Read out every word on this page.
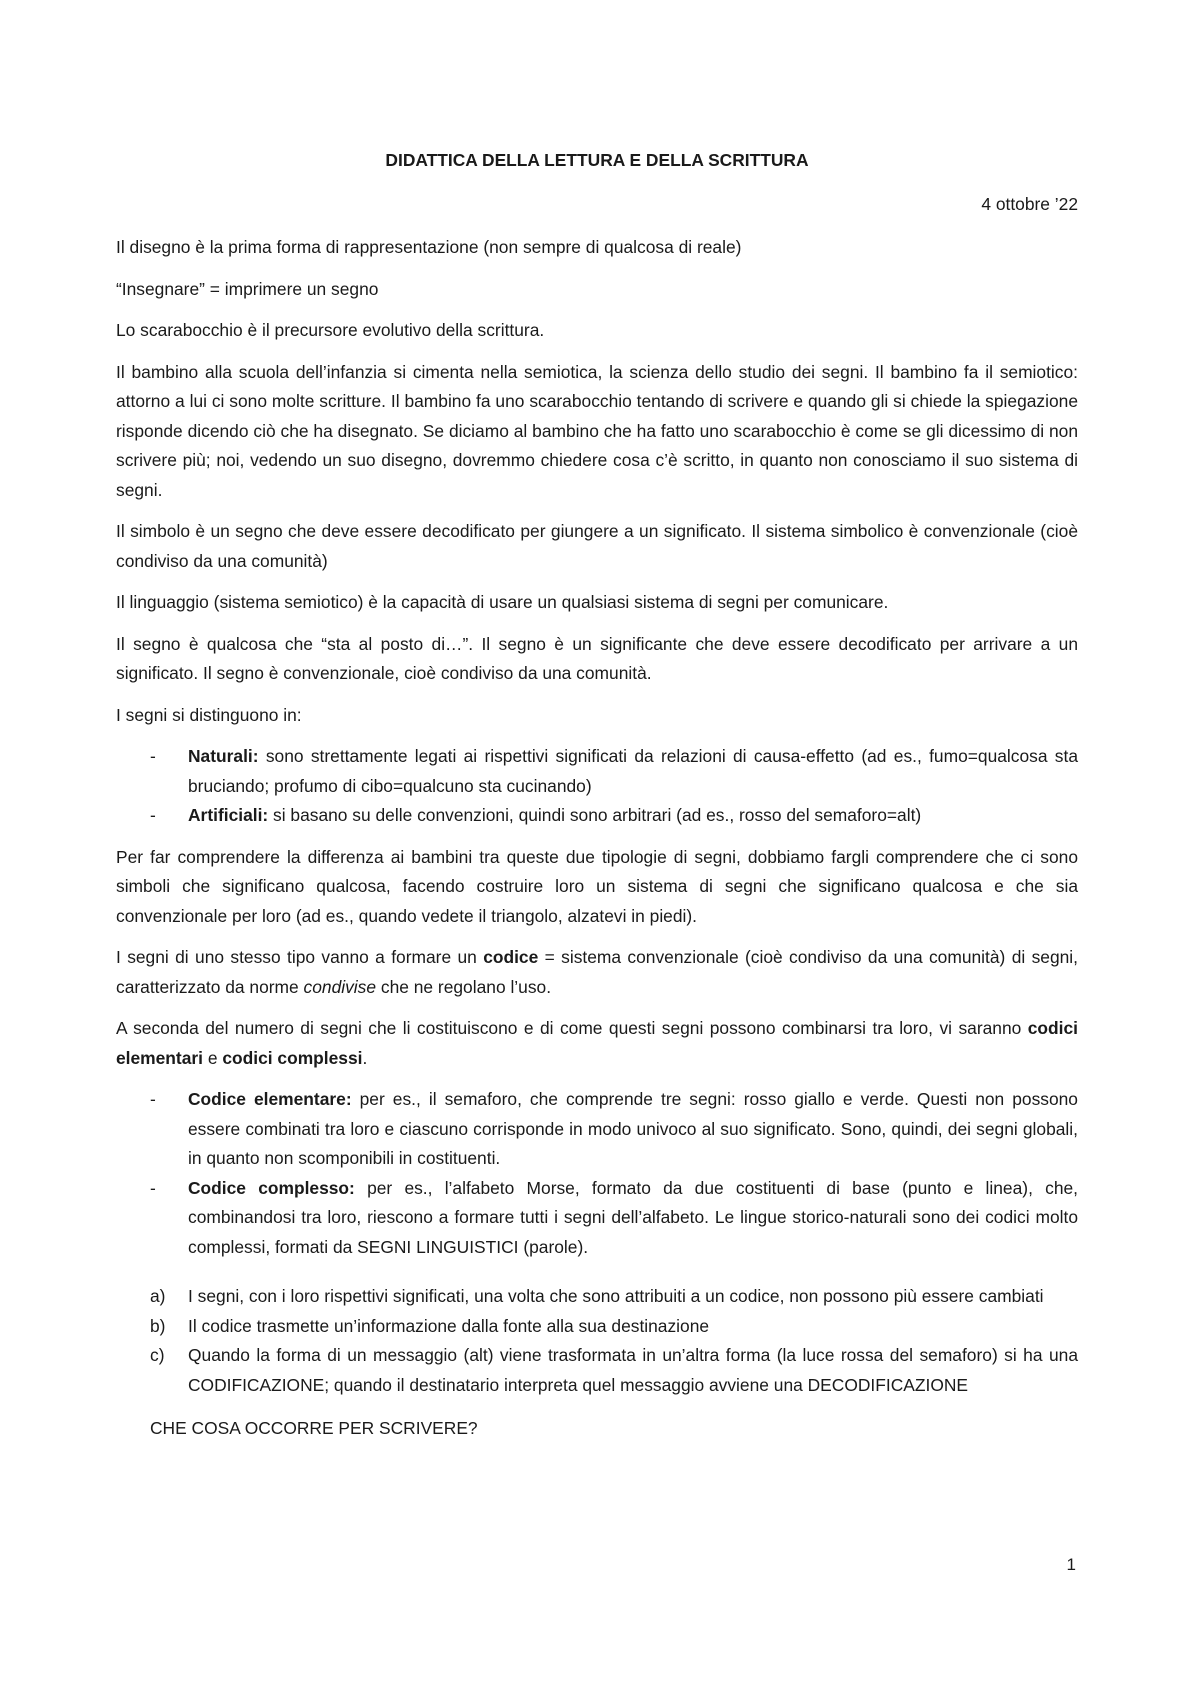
DIDATTICA DELLA LETTURA E DELLA SCRITTURA
4 ottobre ’22

Il disegno è la prima forma di rappresentazione (non sempre di qualcosa di reale)

“Insegnare” = imprimere un segno

Lo scarabocchio è il precursore evolutivo della scrittura.

Il bambino alla scuola dell’infanzia si cimenta nella semiotica, la scienza dello studio dei segni. Il bambino fa il semiotico: attorno a lui ci sono molte scritture. Il bambino fa uno scarabocchio tentando di scrivere e quando gli si chiede la spiegazione risponde dicendo ciò che ha disegnato. Se diciamo al bambino che ha fatto uno scarabocchio è come se gli dicessimo di non scrivere più; noi, vedendo un suo disegno, dovremmo chiedere cosa c’è scritto, in quanto non conosciamo il suo sistema di segni.

Il simbolo è un segno che deve essere decodificato per giungere a un significato. Il sistema simbolico è convenzionale (cioè condiviso da una comunità)

Il linguaggio (sistema semiotico) è la capacità di usare un qualsiasi sistema di segni per comunicare.

Il segno è qualcosa che “sta al posto di…”. Il segno è un significante che deve essere decodificato per arrivare a un significato. Il segno è convenzionale, cioè condiviso da una comunità.

I segni si distinguono in:

- Naturali: sono strettamente legati ai rispettivi significati da relazioni di causa-effetto (ad es., fumo=qualcosa sta bruciando; profumo di cibo=qualcuno sta cucinando)
- Artificiali: si basano su delle convenzioni, quindi sono arbitrari (ad es., rosso del semaforo=alt)

Per far comprendere la differenza ai bambini tra queste due tipologie di segni, dobbiamo fargli comprendere che ci sono simboli che significano qualcosa, facendo costruire loro un sistema di segni che significano qualcosa e che sia convenzionale per loro (ad es., quando vedete il triangolo, alzatevi in piedi).

I segni di uno stesso tipo vanno a formare un codice = sistema convenzionale (cioè condiviso da una comunità) di segni, caratterizzato da norme condivise che ne regolano l’uso.

A seconda del numero di segni che li costituiscono e di come questi segni possono combinarsi tra loro, vi saranno codici elementari e codici complessi.

- Codice elementare: per es., il semaforo, che comprende tre segni: rosso giallo e verde. Questi non possono essere combinati tra loro e ciascuno corrisponde in modo univoco al suo significato. Sono, quindi, dei segni globali, in quanto non scomponibili in costituenti.
- Codice complesso: per es., l’alfabeto Morse, formato da due costituenti di base (punto e linea), che, combinandosi tra loro, riescono a formare tutti i segni dell’alfabeto. Le lingue storico-naturali sono dei codici molto complessi, formati da SEGNI LINGUISTICI (parole).
a) I segni, con i loro rispettivi significati, una volta che sono attribuiti a un codice, non possono più essere cambiati
b) Il codice trasmette un’informazione dalla fonte alla sua destinazione
c) Quando la forma di un messaggio (alt) viene trasformata in un’altra forma (la luce rossa del semaforo) si ha una CODIFICAZIONE; quando il destinatario interpreta quel messaggio avviene una DECODIFICAZIONE
CHE COSA OCCORRE PER SCRIVERE?
1
